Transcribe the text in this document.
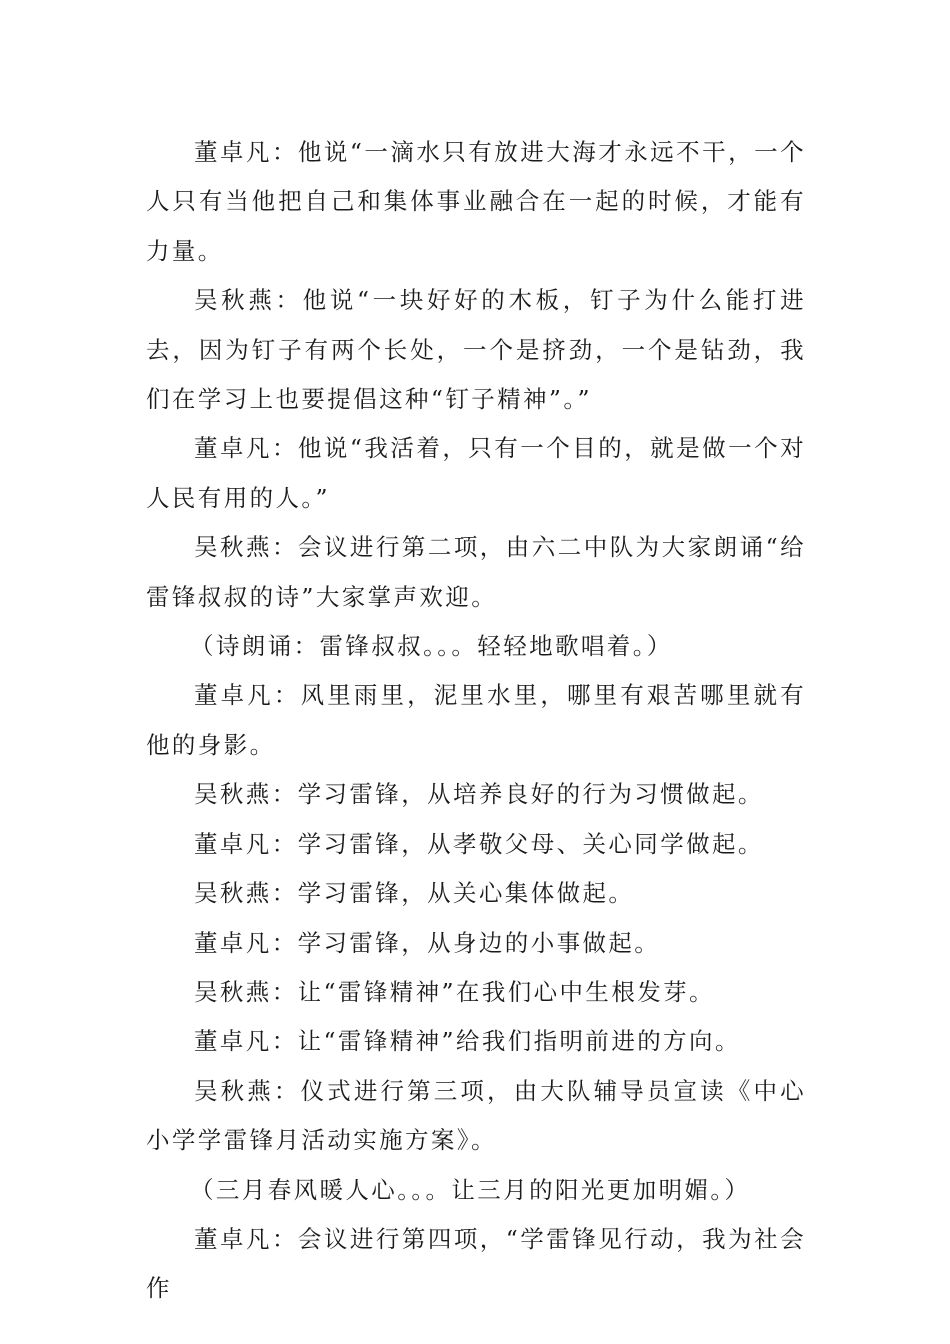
董卓凡：他说“一滴水只有放进大海才永远不干，一个人只有当他把自己和集体事业融合在一起的时候，才能有力量。

吴秋燕：他说“一块好好的木板，钉子为什么能打进去，因为钉子有两个长处，一个是挤劲，一个是钻劲，我们在学习上也要提倡这种“钉子精神”。”

董卓凡：他说“我活着，只有一个目的，就是做一个对人民有用的人。”

吴秋燕：会议进行第二项，由六二中队为大家朗诵“给雷锋叔叔的诗”大家掌声欢迎。

（诗朗诵：雷锋叔叔。。。轻轻地歌唱着。）

董卓凡：风里雨里，泥里水里，哪里有艰苦哪里就有他的身影。

吴秋燕：学习雷锋，从培养良好的行为习惯做起。

董卓凡：学习雷锋，从孝敬父母、关心同学做起。

吴秋燕：学习雷锋，从关心集体做起。

董卓凡：学习雷锋，从身边的小事做起。

吴秋燕：让“雷锋精神”在我们心中生根发芽。

董卓凡：让“雷锋精神”给我们指明前进的方向。

吴秋燕：仪式进行第三项，由大队辅导员宣读《中心小学学雷锋月活动实施方案》。

（三月春风暖人心。。。让三月的阳光更加明媚。）

董卓凡：会议进行第四项，“学雷锋见行动，我为社会作
